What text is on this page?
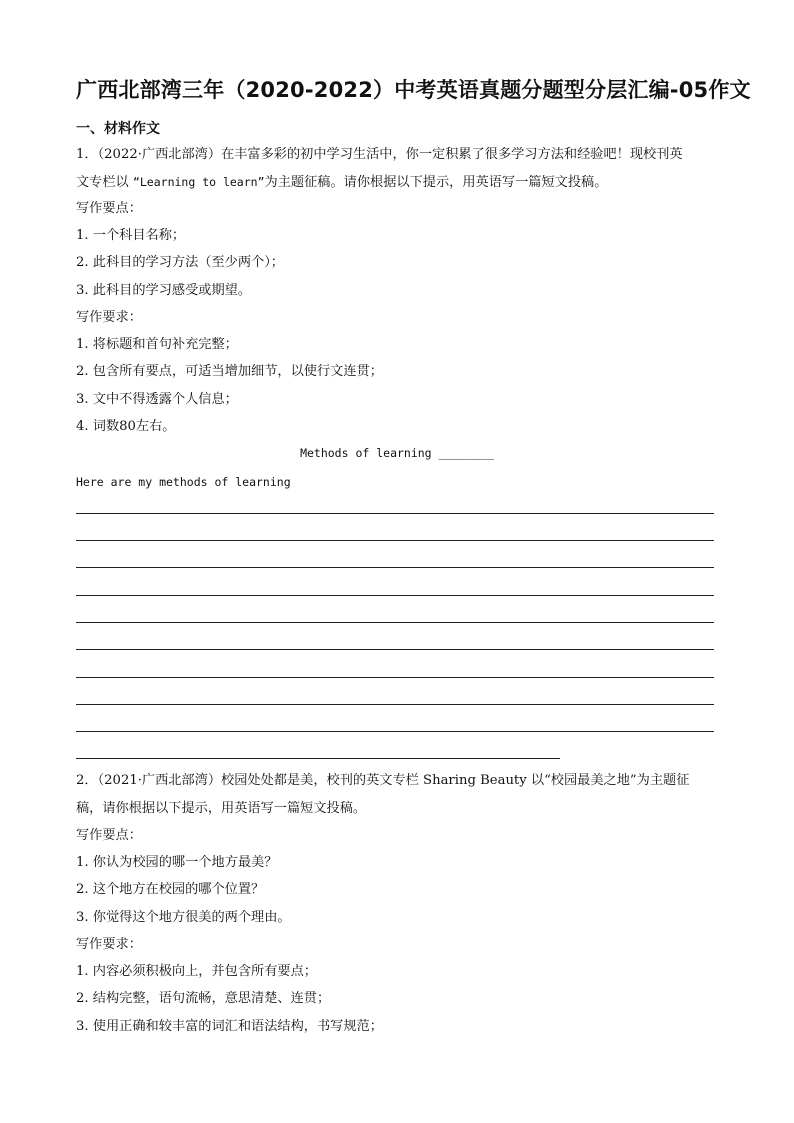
广西北部湾三年（2020-2022）中考英语真题分题型分层汇编-05作文
一、材料作文
1．（2022·广西北部湾）在丰富多彩的初中学习生活中，你一定积累了很多学习方法和经验吧！现校刊英
文专栏以 “Learning to learn”为主题征稿。请你根据以下提示，用英语写一篇短文投稿。
写作要点：
1. 一个科目名称；
2. 此科目的学习方法（至少两个）；
3. 此科目的学习感受或期望。
写作要求：
1. 将标题和首句补充完整；
2. 包含所有要点，可适当增加细节，以使行文连贯；
3. 文中不得透露个人信息；
4. 词数80左右。
Methods of learning ________
Here are my methods of learning
2．（2021·广西北部湾）校园处处都是美，校刊的英文专栏 Sharing Beauty 以“校园最美之地”为主题征
稿，请你根据以下提示，用英语写一篇短文投稿。
写作要点：
1. 你认为校园的哪一个地方最美？
2. 这个地方在校园的哪个位置？
3. 你觉得这个地方很美的两个理由。
写作要求：
1. 内容必须积极向上，并包含所有要点；
2. 结构完整，语句流畅，意思清楚、连贯；
3. 使用正确和较丰富的词汇和语法结构，书写规范；
